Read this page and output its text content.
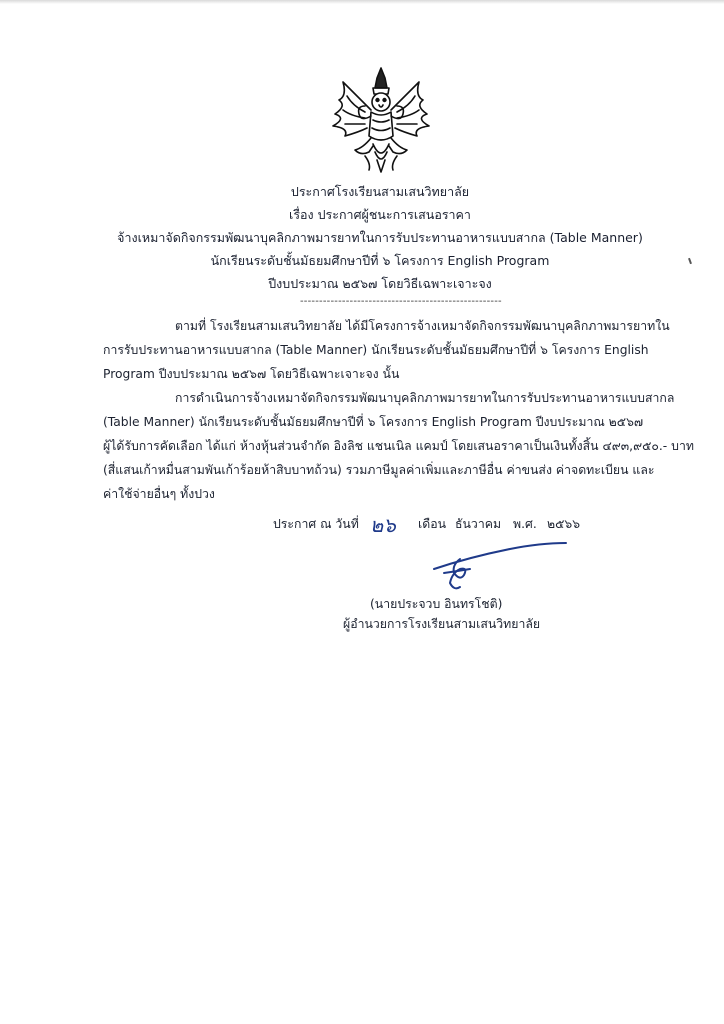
ประกาศโรงเรียนสามเสนวิทยาลัย
เรื่อง ประกาศผู้ชนะการเสนอราคา
จ้างเหมาจัดกิจกรรมพัฒนาบุคลิกภาพมารยาทในการรับประทานอาหารแบบสากล (Table Manner)
นักเรียนระดับชั้นมัธยมศึกษาปีที่ ๖ โครงการ English Program
ปีงบประมาณ ๒๕๖๗ โดยวิธีเฉพาะเจาะจง
-----------------------------------------------------
ตามที่ โรงเรียนสามเสนวิทยาลัย ได้มีโครงการจ้างเหมาจัดกิจกรรมพัฒนาบุคลิกภาพมารยาทใน
การรับประทานอาหารแบบสากล (Table Manner) นักเรียนระดับชั้นมัธยมศึกษาปีที่ ๖ โครงการ English
Program ปีงบประมาณ ๒๕๖๗ โดยวิธีเฉพาะเจาะจง นั้น
การดำเนินการจ้างเหมาจัดกิจกรรมพัฒนาบุคลิกภาพมารยาทในการรับประทานอาหารแบบสากล
(Table Manner) นักเรียนระดับชั้นมัธยมศึกษาปีที่ ๖ โครงการ English Program ปีงบประมาณ ๒๕๖๗
ผู้ได้รับการคัดเลือก ได้แก่ ห้างหุ้นส่วนจำกัด อิงลิช แชนเนิล แคมป์ โดยเสนอราคาเป็นเงินทั้งสิ้น ๔๙๓,๙๕๐.- บาท
(สี่แสนเก้าหมื่นสามพันเก้าร้อยห้าสิบบาทถ้วน) รวมภาษีมูลค่าเพิ่มและภาษีอื่น ค่าขนส่ง ค่าจดทะเบียน และ
ค่าใช้จ่ายอื่นๆ ทั้งปวง
ประกาศ ณ วันที่ ๒๖ เดือน ธันวาคม พ.ศ. ๒๕๖๖
(นายประจวบ อินทรโชติ)
ผู้อำนวยการโรงเรียนสามเสนวิทยาลัย
